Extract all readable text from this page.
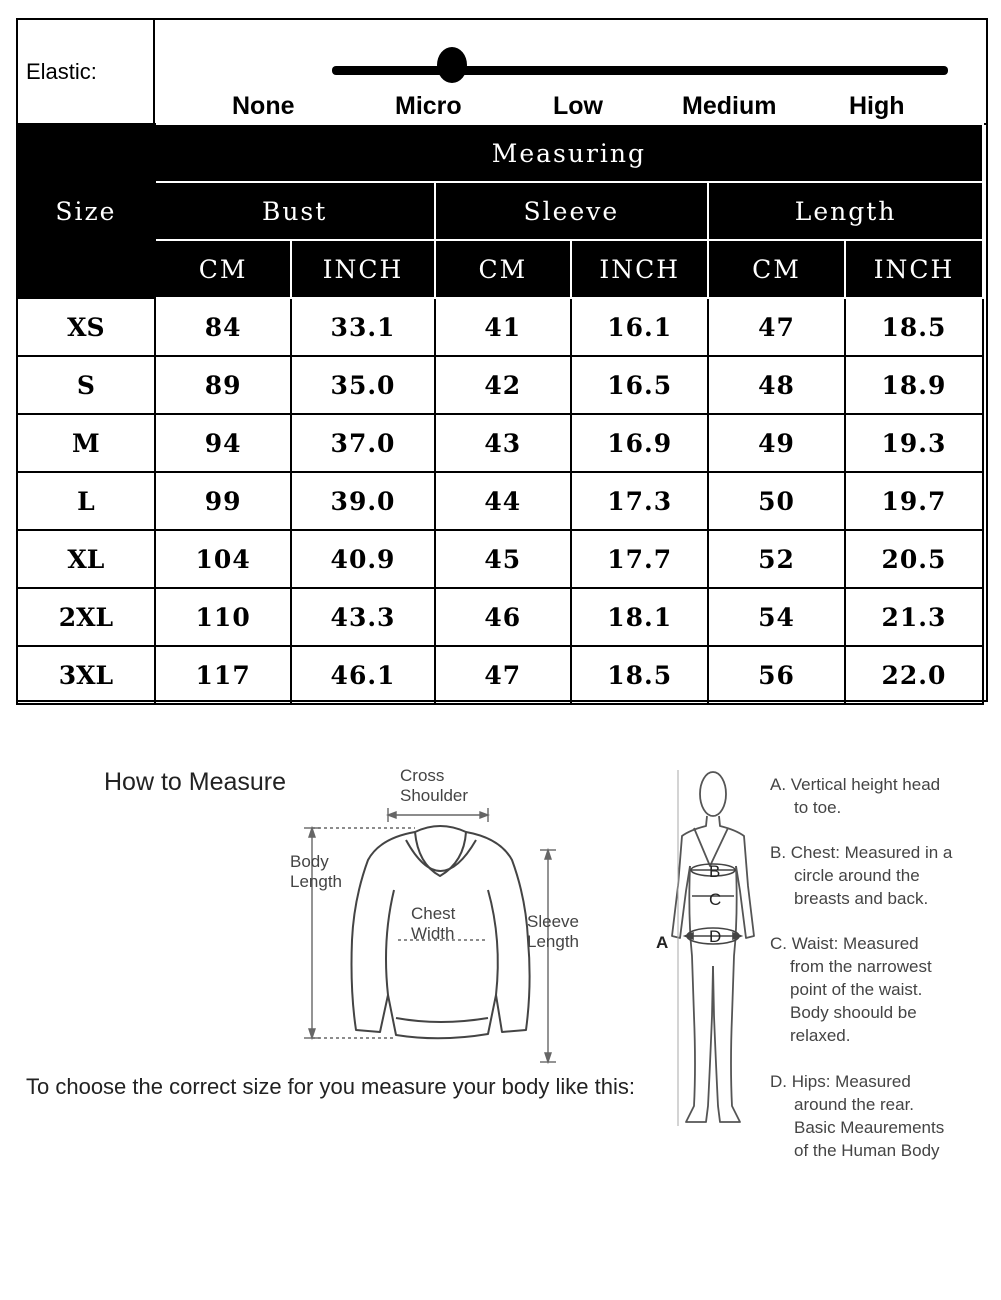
Elastic:
None	Micro	Low	Medium	High
Size	Measuring					
	Bust		Sleeve		Length	
	CM	INCH	CM	INCH	CM	INCH
XS	84	33.1	41	16.1	47	18.5
S	89	35.0	42	16.5	48	18.9
M	94	37.0	43	16.9	49	19.3
L	99	39.0	44	17.3	50	19.7
XL	104	40.9	45	17.7	52	20.5
2XL	110	43.3	46	18.1	54	21.3
3XL	117	46.1	47	18.5	56	22.0
How to Measure	Cross
Shoulder
Body
Length
Chest
Width
Sleeve
Length
To choose the correct size for you measure your body like this:
A
B
C
D
A. Vertical height head
to toe.
B. Chest: Measured in a
circle around the
breasts and back.
C. Waist: Measured
from the narrowest
point of the waist.
Body shoould be
relaxed.
D. Hips: Measured
around the rear.
Basic Meaurements
of the Human Body
